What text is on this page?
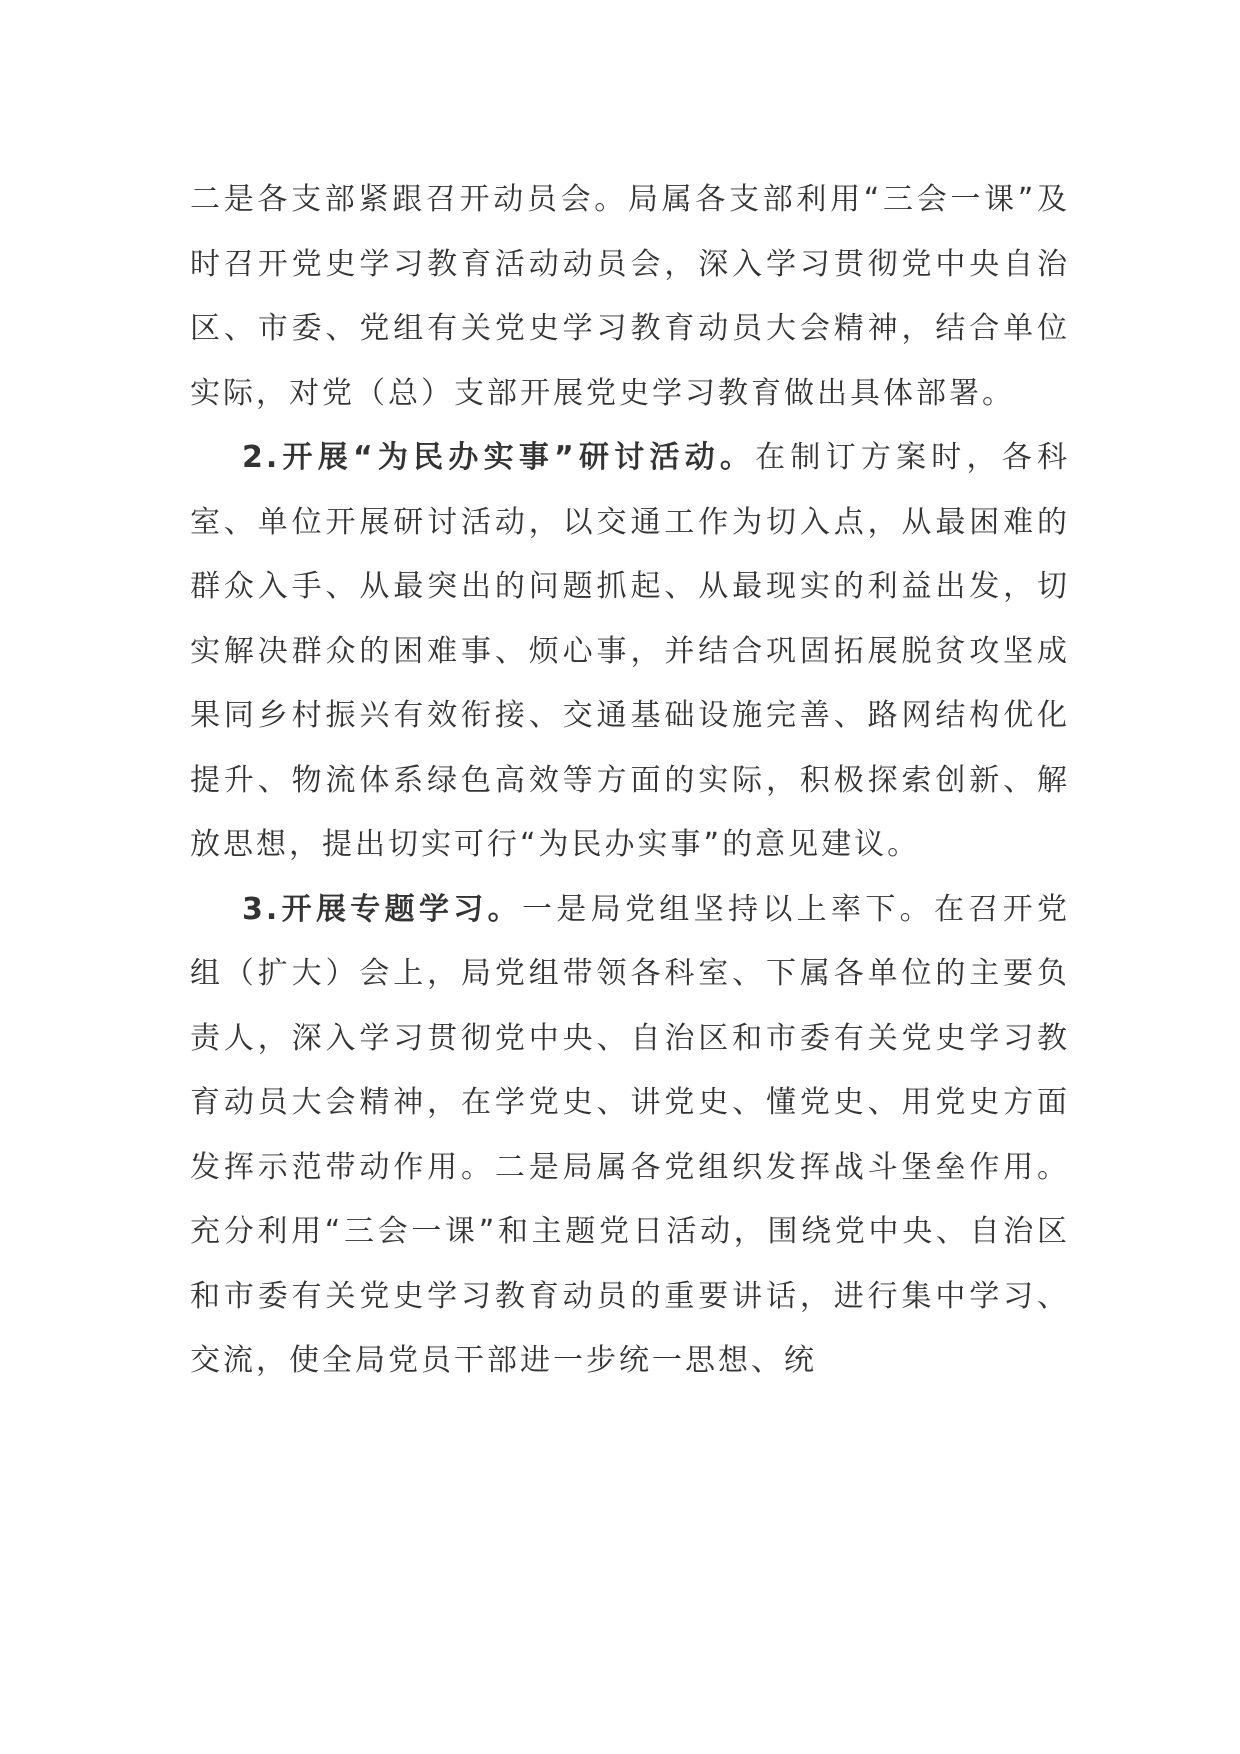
二是各支部紧跟召开动员会。局属各支部利用“三会一课”及时召开党史学习教育活动动员会，深入学习贯彻党中央自治区、市委、党组有关党史学习教育动员大会精神，结合单位实际，对党（总）支部开展党史学习教育做出具体部署。

2.开展“为民办实事”研讨活动。在制订方案时，各科室、单位开展研讨活动，以交通工作为切入点，从最困难的群众入手、从最突出的问题抓起、从最现实的利益出发，切实解决群众的困难事、烦心事，并结合巩固拓展脱贫攻坚成果同乡村振兴有效衔接、交通基础设施完善、路网结构优化提升、物流体系绿色高效等方面的实际，积极探索创新、解放思想，提出切实可行“为民办实事”的意见建议。

3.开展专题学习。一是局党组坚持以上率下。在召开党组（扩大）会上，局党组带领各科室、下属各单位的主要负责人，深入学习贯彻党中央、自治区和市委有关党史学习教育动员大会精神，在学党史、讲党史、懂党史、用党史方面发挥示范带动作用。二是局属各党组织发挥战斗堡垒作用。充分利用“三会一课”和主题党日活动，围绕党中央、自治区和市委有关党史学习教育动员的重要讲话，进行集中学习、交流，使全局党员干部进一步统一思想、统
